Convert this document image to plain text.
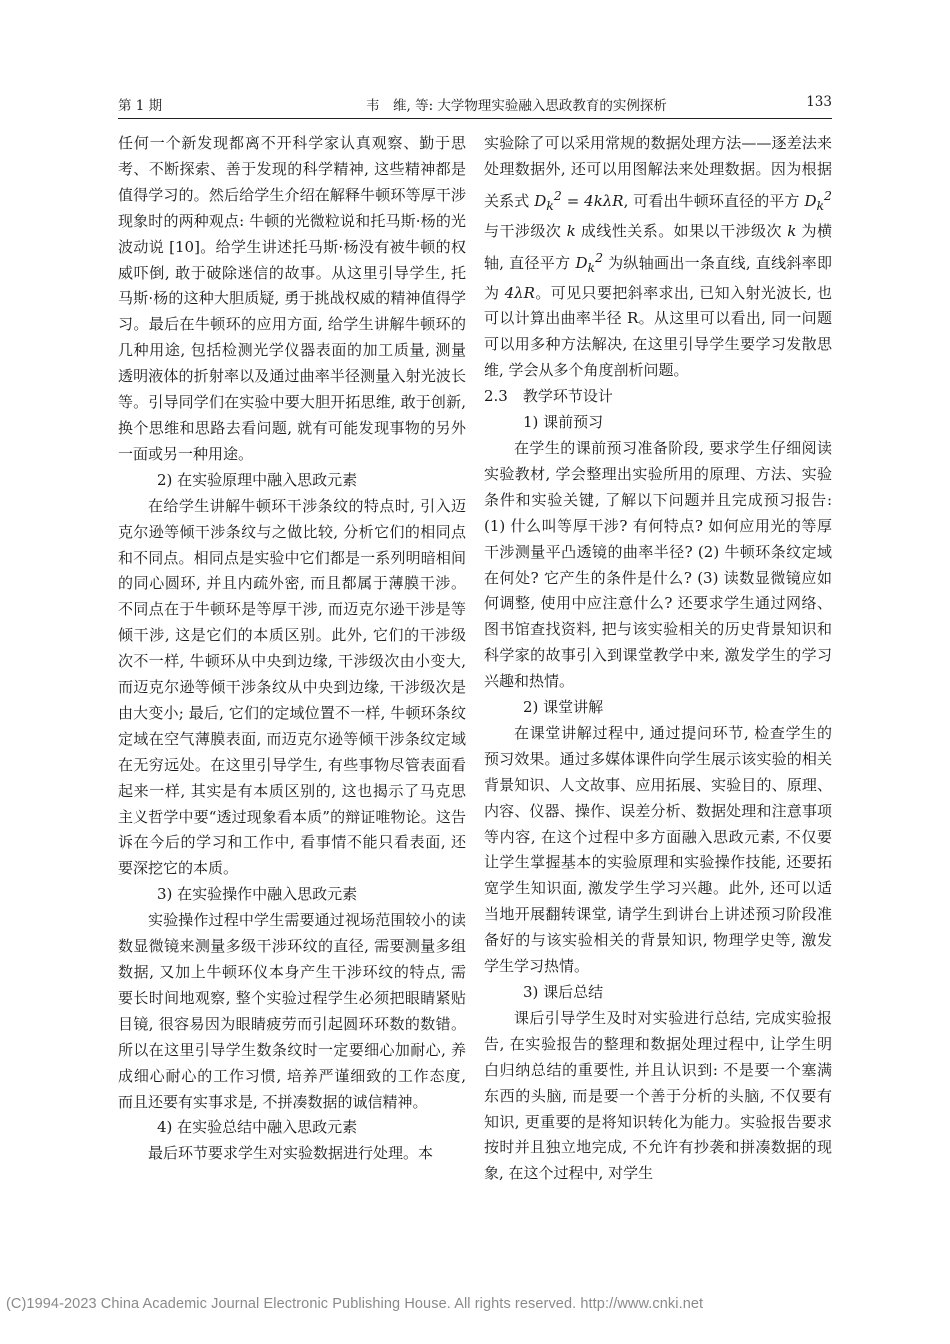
第 1 期	韦　维, 等: 大学物理实验融入思政教育的实例探析	133

任何一个新发现都离不开科学家认真观察、勤于思考、不断探索、善于发现的科学精神, 这些精神都是值得学习的。然后给学生介绍在解释牛顿环等厚干涉现象时的两种观点: 牛顿的光微粒说和托马斯·杨的光波动说 [10]。给学生讲述托马斯·杨没有被牛顿的权威吓倒, 敢于破除迷信的故事。从这里引导学生, 托马斯·杨的这种大胆质疑, 勇于挑战权威的精神值得学习。最后在牛顿环的应用方面, 给学生讲解牛顿环的几种用途, 包括检测光学仪器表面的加工质量, 测量透明液体的折射率以及通过曲率半径测量入射光波长等。引导同学们在实验中要大胆开拓思维, 敢于创新, 换个思维和思路去看问题, 就有可能发现事物的另外一面或另一种用途。

2) 在实验原理中融入思政元素

在给学生讲解牛顿环干涉条纹的特点时, 引入迈克尔逊等倾干涉条纹与之做比较, 分析它们的相同点和不同点。相同点是实验中它们都是一系列明暗相间的同心圆环, 并且内疏外密, 而且都属于薄膜干涉。不同点在于牛顿环是等厚干涉, 而迈克尔逊干涉是等倾干涉, 这是它们的本质区别。此外, 它们的干涉级次不一样, 牛顿环从中央到边缘, 干涉级次由小变大, 而迈克尔逊等倾干涉条纹从中央到边缘, 干涉级次是由大变小; 最后, 它们的定域位置不一样, 牛顿环条纹定域在空气薄膜表面, 而迈克尔逊等倾干涉条纹定域在无穷远处。在这里引导学生, 有些事物尽管表面看起来一样, 其实是有本质区别的, 这也揭示了马克思主义哲学中要“透过现象看本质”的辩证唯物论。这告诉在今后的学习和工作中, 看事情不能只看表面, 还要深挖它的本质。

3) 在实验操作中融入思政元素

实验操作过程中学生需要通过视场范围较小的读数显微镜来测量多级干涉环纹的直径, 需要测量多组数据, 又加上牛顿环仪本身产生干涉环纹的特点, 需要长时间地观察, 整个实验过程学生必须把眼睛紧贴目镜, 很容易因为眼睛疲劳而引起圆环环数的数错。所以在这里引导学生数条纹时一定要细心加耐心, 养成细心耐心的工作习惯, 培养严谨细致的工作态度, 而且还要有实事求是, 不拼凑数据的诚信精神。

4) 在实验总结中融入思政元素

最后环节要求学生对实验数据进行处理。本

实验除了可以采用常规的数据处理方法——逐差法来处理数据外, 还可以用图解法来处理数据。因为根据关系式 $D_k^2 = 4k\lambda R$, 可看出牛顿环直径的平方 $D_k^2$与干涉级次 k 成线性关系。如果以干涉级次 k 为横轴, 直径平方 $D_k^2$ 为纵轴画出一条直线, 直线斜率即为 4λR。可见只要把斜率求出, 已知入射光波长, 也可以计算出曲率半径 R。从这里可以看出, 同一问题可以用多种方法解决, 在这里引导学生要学习发散思维, 学会从多个角度剖析问题。

2.3　教学环节设计

1) 课前预习

在学生的课前预习准备阶段, 要求学生仔细阅读实验教材, 学会整理出实验所用的原理、方法、实验条件和实验关键, 了解以下问题并且完成预习报告: (1) 什么叫等厚干涉? 有何特点? 如何应用光的等厚干涉测量平凸透镜的曲率半径? (2) 牛顿环条纹定域在何处? 它产生的条件是什么? (3) 读数显微镜应如何调整, 使用中应注意什么? 还要求学生通过网络、图书馆查找资料, 把与该实验相关的历史背景知识和科学家的故事引入到课堂教学中来, 激发学生的学习兴趣和热情。

2) 课堂讲解

在课堂讲解过程中, 通过提问环节, 检查学生的预习效果。通过多媒体课件向学生展示该实验的相关背景知识、人文故事、应用拓展、实验目的、原理、内容、仪器、操作、误差分析、数据处理和注意事项等内容, 在这个过程中多方面融入思政元素, 不仅要让学生掌握基本的实验原理和实验操作技能, 还要拓宽学生知识面, 激发学生学习兴趣。此外, 还可以适当地开展翻转课堂, 请学生到讲台上讲述预习阶段准备好的与该实验相关的背景知识, 物理学史等, 激发学生学习热情。

3) 课后总结

课后引导学生及时对实验进行总结, 完成实验报告, 在实验报告的整理和数据处理过程中, 让学生明白归纳总结的重要性, 并且认识到: 不是要一个塞满东西的头脑, 而是要一个善于分析的头脑, 不仅要有知识, 更重要的是将知识转化为能力。实验报告要求按时并且独立地完成, 不允许有抄袭和拼凑数据的现象, 在这个过程中, 对学生

(C)1994-2023 China Academic Journal Electronic Publishing House. All rights reserved. http://www.cnki.net
